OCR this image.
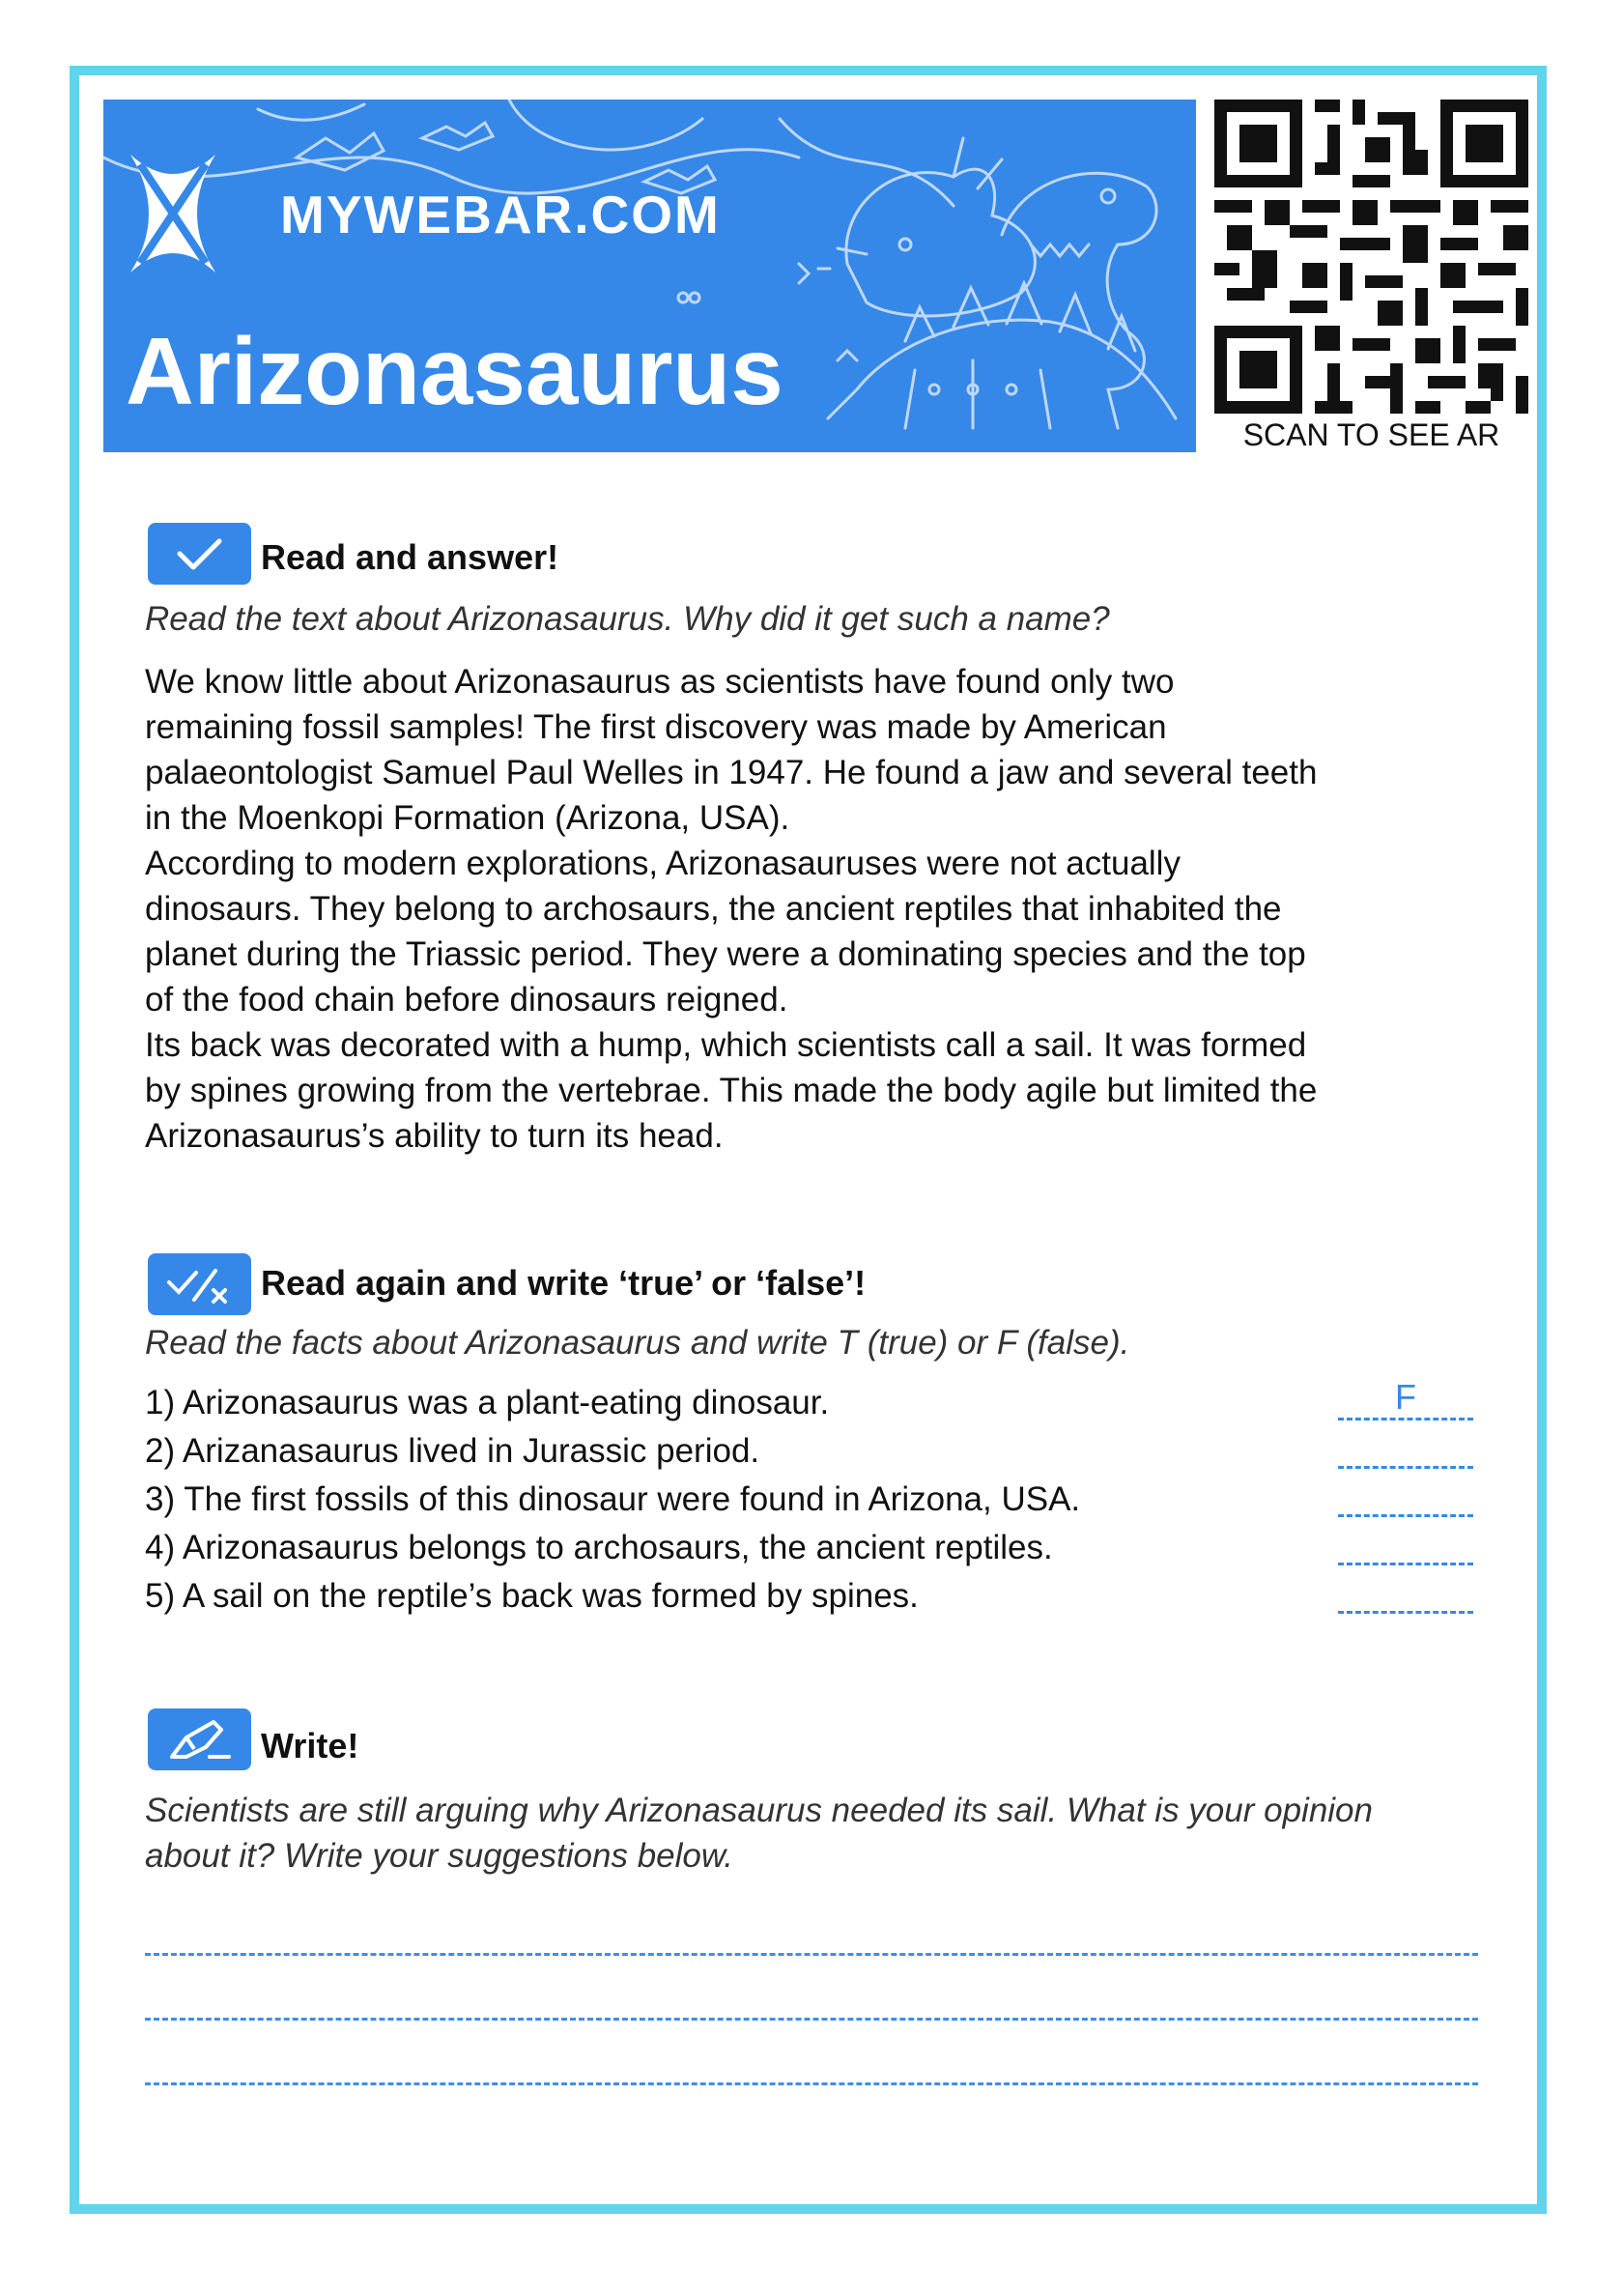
MYWEBAR.COM
Arizonasaurus
SCAN TO SEE AR
Read and answer!
Read the text about Arizonasaurus. Why did it get such a name?
We know little about Arizonasaurus as scientists have found only two
remaining fossil samples! The first discovery was made by American
palaeontologist Samuel Paul Welles in 1947. He found a jaw and several teeth
in the Moenkopi Formation (Arizona, USA).
According to modern explorations, Arizonasauruses were not actually
dinosaurs. They belong to archosaurs, the ancient reptiles that inhabited the
planet during the Triassic period. They were a dominating species and the top
of the food chain before dinosaurs reigned.
Its back was decorated with a hump, which scientists call a sail. It was formed
by spines growing from the vertebrae. This made the body agile but limited the
Arizonasaurus’s ability to turn its head.
Read again and write ‘true’ or ‘false’!
Read the facts about Arizonasaurus and write T (true) or F (false).
1) Arizonasaurus was a plant-eating dinosaur.	F
2) Arizanasaurus lived in Jurassic period.
3) The first fossils of this dinosaur were found in Arizona, USA.
4) Arizonasaurus belongs to archosaurs, the ancient reptiles.
5) A sail on the reptile’s back was formed by spines.
Write!
Scientists are still arguing why Arizonasaurus needed its sail. What is your opinion
about it? Write your suggestions below.
